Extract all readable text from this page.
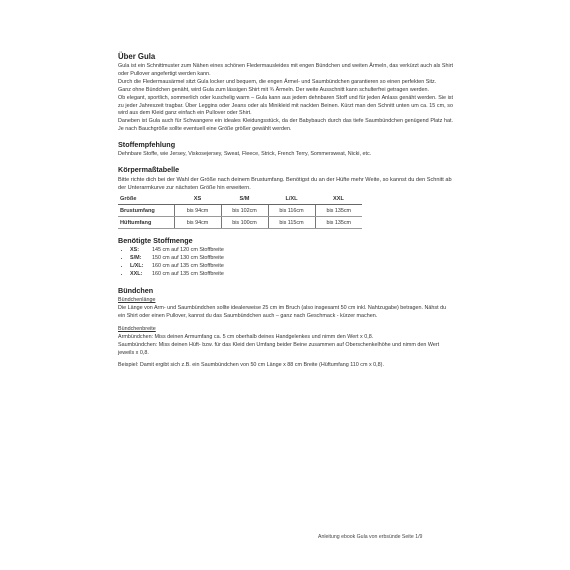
Über Gula

Gula ist ein Schnittmuster zum Nähen eines schönen Fledermausleides mit engen Bündchen und weiten Ärmeln, das verkürzt auch als Shirt oder Pullover angefertigt werden kann.

Durch die Fledermausärmel sitzt Gula locker und bequem, die engen Ärmel- und Saumbündchen garantieren so einen perfekten Sitz.

Ganz ohne Bündchen genäht, wird Gula zum lässigen Shirt mit ¾ Ärmeln. Der weite Ausschnitt kann schulterfrei getragen werden.

Ob elegant, sportlich, sommerlich oder kuschelig warm – Gula kann aus jedem dehnbaren Stoff und für jeden Anlass genäht werden. Sie ist zu jeder Jahreszeit tragbar. Über Leggins oder Jeans oder als Minikleid mit nackten Beinen. Kürzt man den Schnitt unten um ca. 15 cm, so wird aus dem Kleid ganz einfach ein Pullover oder Shirt.

Daneben ist Gula auch für Schwangere ein ideales Kleidungsstück, da der Babybauch durch das tiefe Saumbündchen genügend Platz hat. Je nach Bauchgröße sollte eventuell eine Größe größer gewählt werden.

Stoffempfehlung

Dehnbare Stoffe, wie Jersey, Viskosejersey, Sweat, Fleece, Strick, French Terry, Sommersweat, Nicki, etc.

Körpermaßtabelle

Bitte richte dich bei der Wahl der Größe nach deinem Brustumfang. Benötigst du an der Hüfte mehr Weite, so kannst du den Schnitt ab der Unterarmkurve zur nächsten Größe hin erweitern.

Größe	XS	S/M	L/XL	XXL
Brustumfang	bis 94cm	bis 102cm	bis 116cm	bis 135cm
Hüftumfang	bis 94cm	bis 100cm	bis 115cm	bis 135cm
Benötigte Stoffmenge
• XS: 145 cm auf 120 cm Stoffbreite
• S/M: 150 cm auf 130 cm Stoffbreite
• L/XL: 160 cm auf 135 cm Stoffbreite
• XXL: 160 cm auf 135 cm Stoffbreite
Bündchen
Bündchenlänge

Die Länge von Arm- und Saumbündchen sollte idealerweise 25 cm im Bruch (also insgesamt 50 cm inkl. Nahtzugabe) betragen. Nähst du ein Shirt oder einen Pullover, kannst du das Saumbündchen auch – ganz nach Geschmack - kürzer machen.

Bündchenbreite

Armbündchen: Miss deinen Armumfang ca. 5 cm oberhalb deines Handgelenkes und nimm den Wert x 0,8.

Saumbündchen: Miss deinen Hüft- bzw. für das Kleid den Umfang beider Beine zusammen auf Oberschenkelhöhe und nimm den Wert jeweils x 0,8.

Beispiel: Damit ergibt sich z.B. ein Saumbündchen von 50 cm Länge x 88 cm Breite (Hüftumfang 110 cm x 0,8).

Anleitung ebook Gula von erbsünde Seite 1/9
